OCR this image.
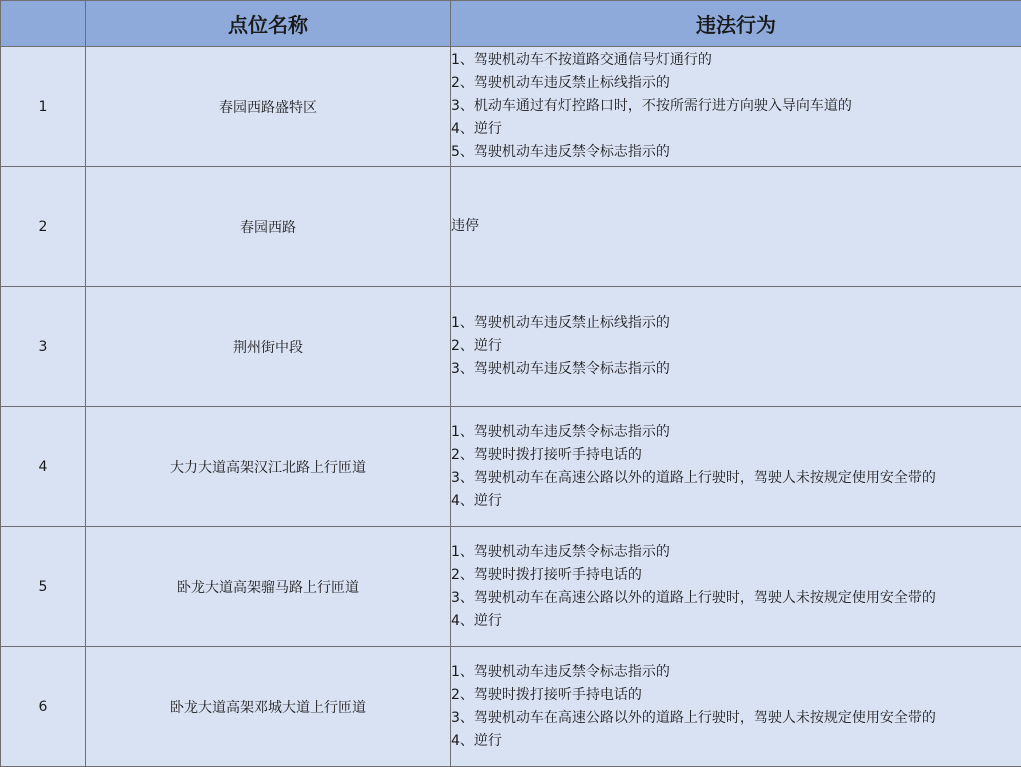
	点位名称	违法行为
1	春园西路盛特区	1、驾驶机动车不按道路交通信号灯通行的
2、驾驶机动车违反禁止标线指示的
3、机动车通过有灯控路口时，不按所需行进方向驶入导向车道的
4、逆行
5、驾驶机动车违反禁令标志指示的

2	春园西路	违停

3	荆州街中段	1、驾驶机动车违反禁止标线指示的
2、逆行
3、驾驶机动车违反禁令标志指示的

4	大力大道高架汉江北路上行匝道	1、驾驶机动车违反禁令标志指示的
2、驾驶时拨打接听手持电话的
3、驾驶机动车在高速公路以外的道路上行驶时，驾驶人未按规定使用安全带的
4、逆行

5	卧龙大道高架骝马路上行匝道	1、驾驶机动车违反禁令标志指示的
2、驾驶时拨打接听手持电话的
3、驾驶机动车在高速公路以外的道路上行驶时，驾驶人未按规定使用安全带的
4、逆行

6	卧龙大道高架邓城大道上行匝道	1、驾驶机动车违反禁令标志指示的
2、驾驶时拨打接听手持电话的
3、驾驶机动车在高速公路以外的道路上行驶时，驾驶人未按规定使用安全带的
4、逆行
